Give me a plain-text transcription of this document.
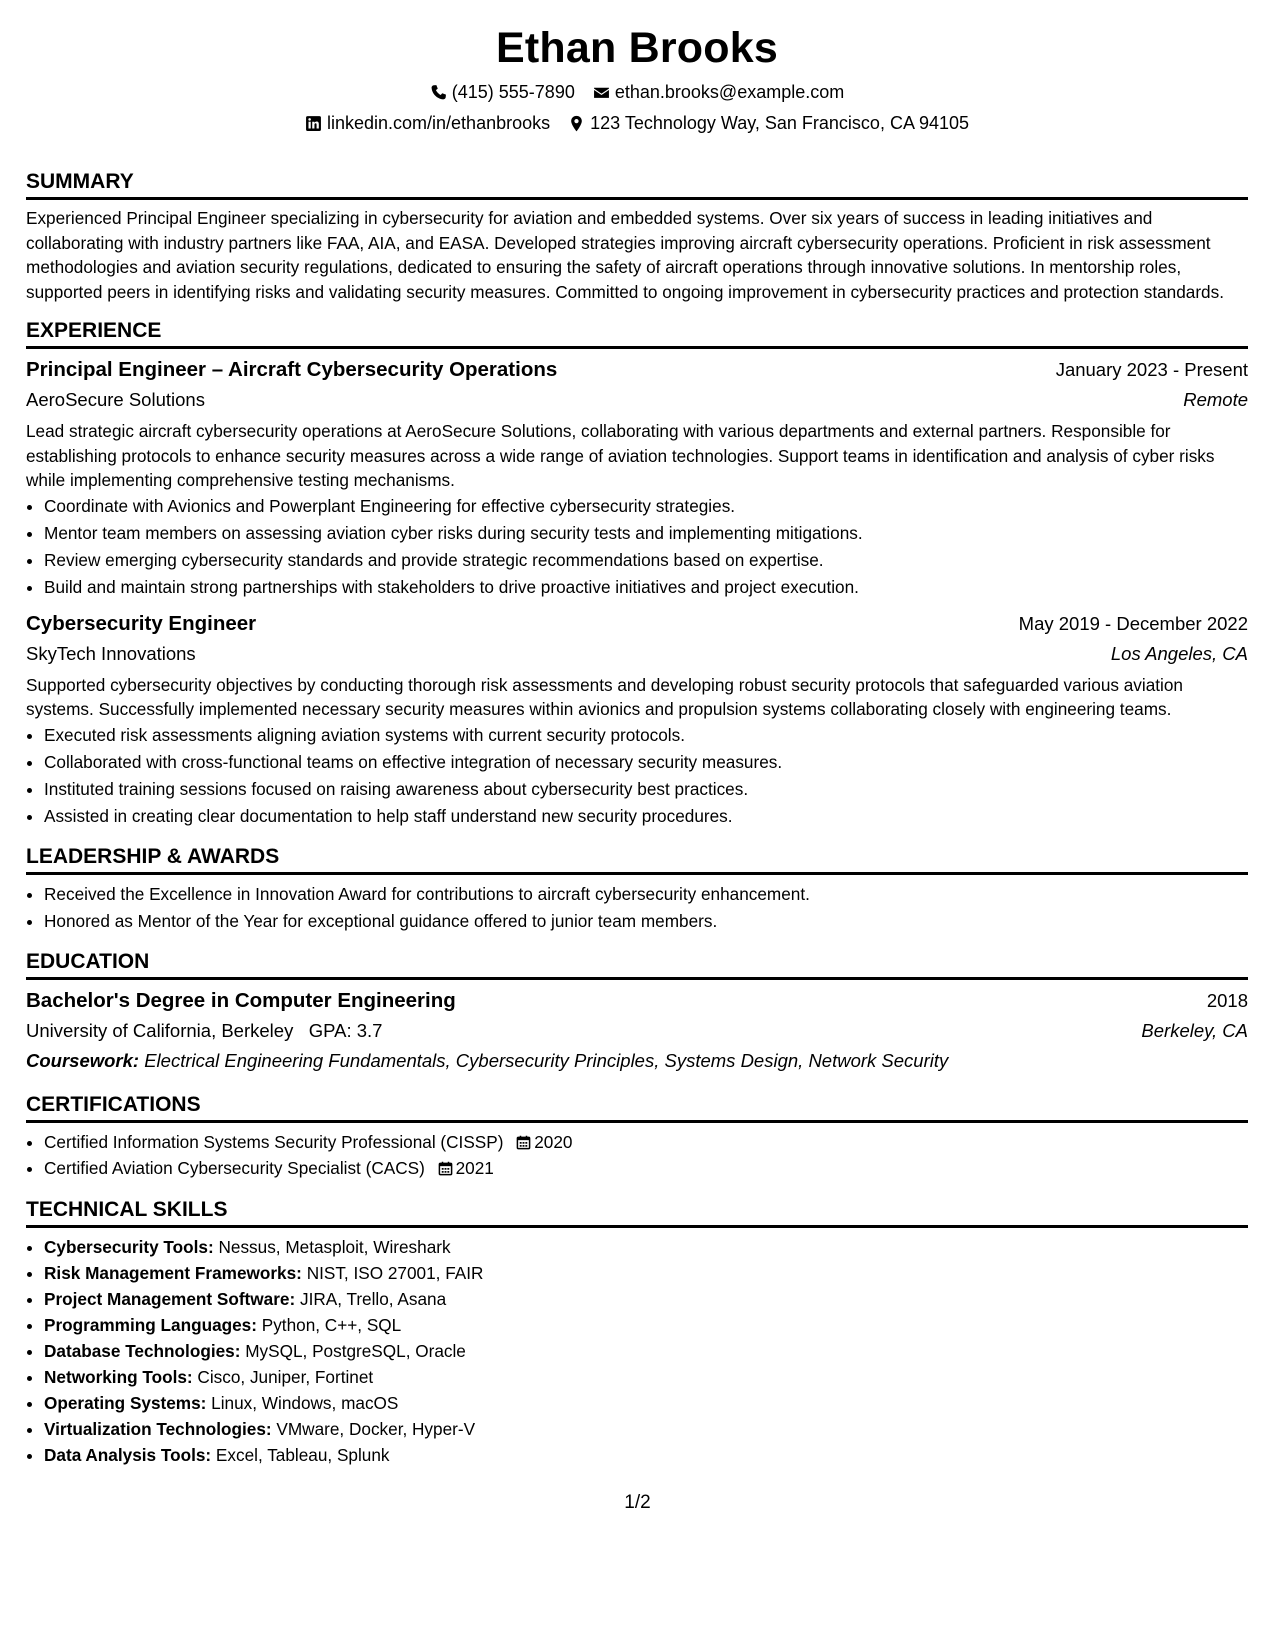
Ethan Brooks
(415) 555-7890 ethan.brooks@example.com
linkedin.com/in/ethanbrooks 123 Technology Way, San Francisco, CA 94105
SUMMARY
Experienced Principal Engineer specializing in cybersecurity for aviation and embedded systems. Over six years of success in leading initiatives and collaborating with industry partners like FAA, AIA, and EASA. Developed strategies improving aircraft cybersecurity operations. Proficient in risk assessment methodologies and aviation security regulations, dedicated to ensuring the safety of aircraft operations through innovative solutions. In mentorship roles, supported peers in identifying risks and validating security measures. Committed to ongoing improvement in cybersecurity practices and protection standards.
EXPERIENCE
Principal Engineer – Aircraft Cybersecurity Operations	January 2023 - Present
AeroSecure Solutions	Remote
Lead strategic aircraft cybersecurity operations at AeroSecure Solutions, collaborating with various departments and external partners. Responsible for establishing protocols to enhance security measures across a wide range of aviation technologies. Support teams in identification and analysis of cyber risks while implementing comprehensive testing mechanisms.
• Coordinate with Avionics and Powerplant Engineering for effective cybersecurity strategies.
• Mentor team members on assessing aviation cyber risks during security tests and implementing mitigations.
• Review emerging cybersecurity standards and provide strategic recommendations based on expertise.
• Build and maintain strong partnerships with stakeholders to drive proactive initiatives and project execution.
Cybersecurity Engineer	May 2019 - December 2022
SkyTech Innovations	Los Angeles, CA
Supported cybersecurity objectives by conducting thorough risk assessments and developing robust security protocols that safeguarded various aviation systems. Successfully implemented necessary security measures within avionics and propulsion systems collaborating closely with engineering teams.
• Executed risk assessments aligning aviation systems with current security protocols.
• Collaborated with cross-functional teams on effective integration of necessary security measures.
• Instituted training sessions focused on raising awareness about cybersecurity best practices.
• Assisted in creating clear documentation to help staff understand new security procedures.
LEADERSHIP & AWARDS
• Received the Excellence in Innovation Award for contributions to aircraft cybersecurity enhancement.
• Honored as Mentor of the Year for exceptional guidance offered to junior team members.
EDUCATION
Bachelor's Degree in Computer Engineering	2018
University of California, Berkeley GPA: 3.7	Berkeley, CA
Coursework: Electrical Engineering Fundamentals, Cybersecurity Principles, Systems Design, Network Security
CERTIFICATIONS
• Certified Information Systems Security Professional (CISSP) 2020
• Certified Aviation Cybersecurity Specialist (CACS) 2021
TECHNICAL SKILLS
• Cybersecurity Tools: Nessus, Metasploit, Wireshark
• Risk Management Frameworks: NIST, ISO 27001, FAIR
• Project Management Software: JIRA, Trello, Asana
• Programming Languages: Python, C++, SQL
• Database Technologies: MySQL, PostgreSQL, Oracle
• Networking Tools: Cisco, Juniper, Fortinet
• Operating Systems: Linux, Windows, macOS
• Virtualization Technologies: VMware, Docker, Hyper-V
• Data Analysis Tools: Excel, Tableau, Splunk
1/2
